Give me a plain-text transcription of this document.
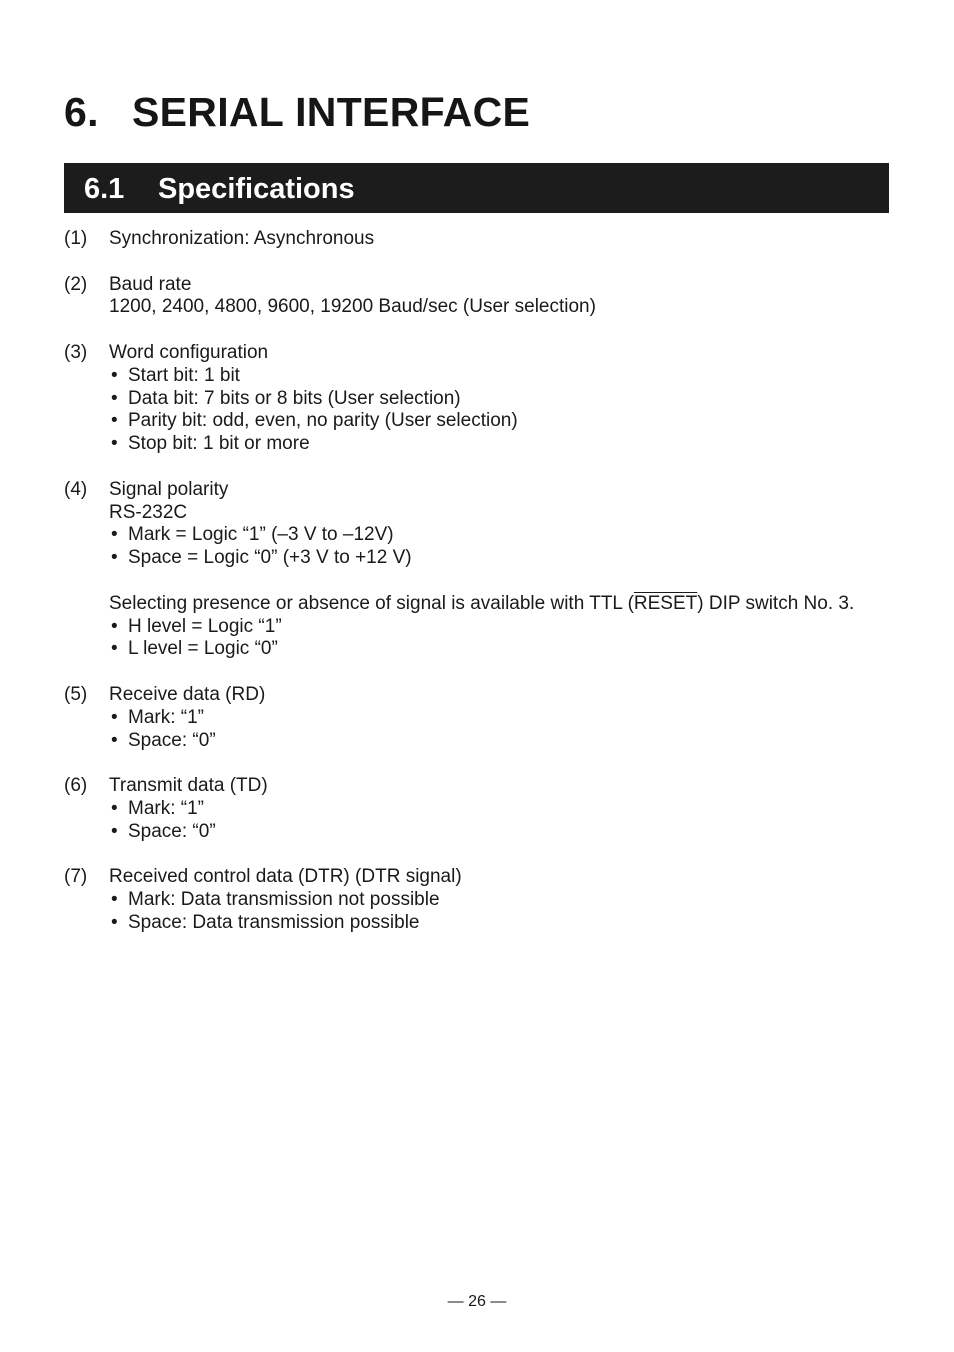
6. SERIAL INTERFACE
6.1 Specifications
(1)	Synchronization: Asynchronous
(2)	Baud rate
1200, 2400, 4800, 9600, 19200 Baud/sec (User selection)
(3)	Word configuration
• Start bit: 1 bit
• Data bit: 7 bits or 8 bits (User selection)
• Parity bit: odd, even, no parity (User selection)
• Stop bit: 1 bit or more
(4)	Signal polarity
RS-232C
• Mark = Logic “1” (–3 V to –12V)
• Space = Logic “0” (+3 V to +12 V)
Selecting presence or absence of signal is available with TTL (RESET) DIP switch No. 3.
• H level = Logic “1”
• L level = Logic “0”
(5)	Receive data (RD)
• Mark: “1”
• Space: “0”
(6)	Transmit data (TD)
• Mark: “1”
• Space: “0”
(7)	Received control data (DTR) (DTR signal)
• Mark: Data transmission not possible
• Space: Data transmission possible
— 26 —
